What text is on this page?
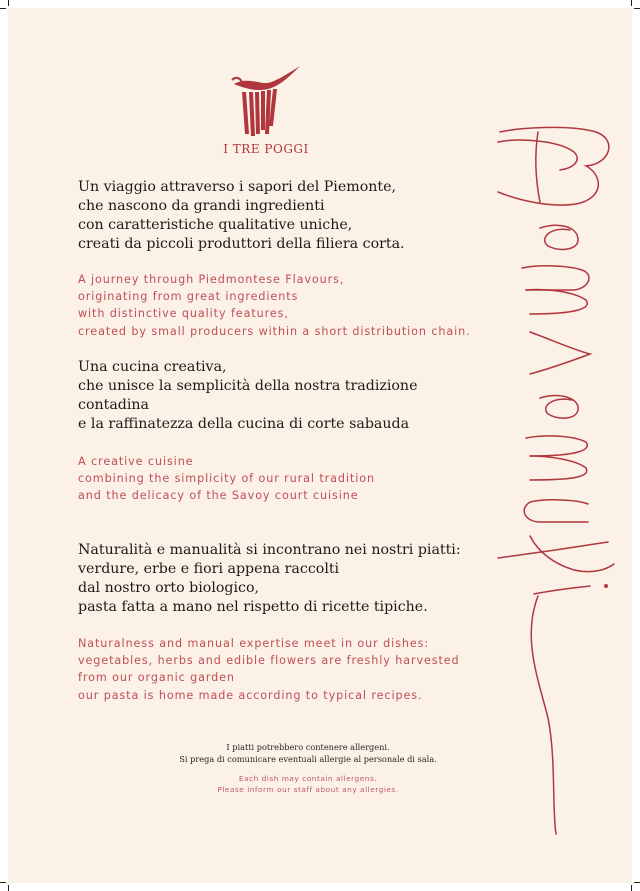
I TRE POGGI

Un viaggio attraverso i sapori del Piemonte,

che nascono da grandi ingredienti

con caratteristiche qualitative uniche,

creati da piccoli produttori della filiera corta.

A journey through Piedmontese Flavours,

originating from great ingredients

with distinctive quality features,

created by small producers within a short distribution chain.

Una cucina creativa,

che unisce la semplicità della nostra tradizione

contadina

e la raffinatezza della cucina di corte sabauda

A creative cuisine

combining the simplicity of our rural tradition

and the delicacy of the Savoy court cuisine

Naturalità e manualità si incontrano nei nostri piatti:

verdure, erbe e fiori appena raccolti

dal nostro orto biologico,

pasta fatta a mano nel rispetto di ricette tipiche.

Naturalness and manual expertise meet in our dishes:

vegetables, herbs and edible flowers are freshly harvested

from our organic garden

our pasta is home made according to typical recipes.

I piatti potrebbero contenere allergeni.
Si prega di comunicare eventuali allergie al personale di sala.
Each dish may contain allergens.
Please inform our staff about any allergies.
